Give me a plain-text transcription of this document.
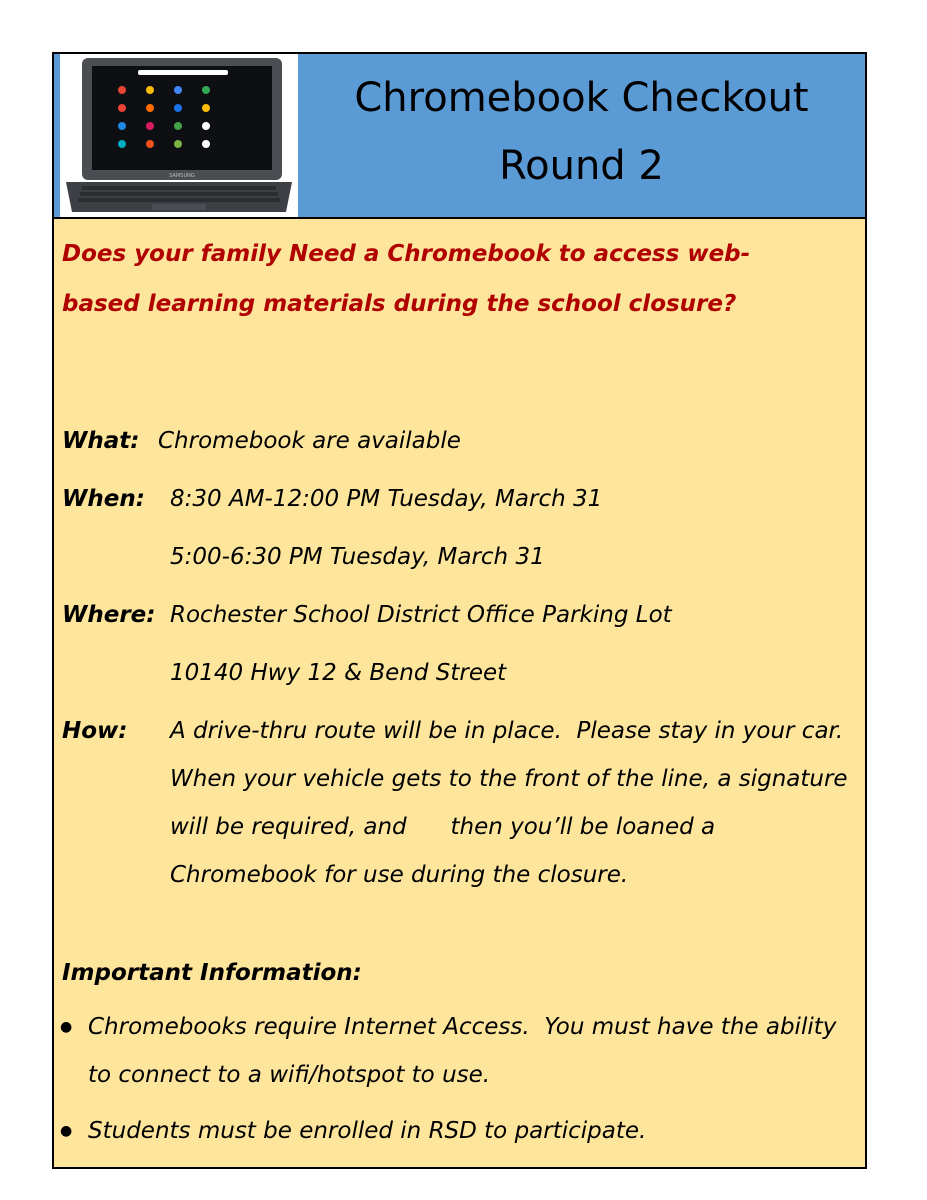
SAMSUNG
Chromebook Checkout
Round 2

Does your family Need a Chromebook to access web-based learning materials during the school closure?

What: Chromebook are available
When: 8:30 AM-12:00 PM Tuesday, March 31
5:00-6:30 PM Tuesday, March 31
Where: Rochester School District Office Parking Lot
10140 Hwy 12 & Bend Street
How: A drive-thru route will be in place.  Please stay in your car.  When your vehicle gets to the front of the line, a signature will be required, and      then you’ll be loaned a Chromebook for use during the closure.
Important Information:
● Chromebooks require Internet Access.  You must have the ability to connect to a wifi/hotspot to use.
● Students must be enrolled in RSD to participate.
